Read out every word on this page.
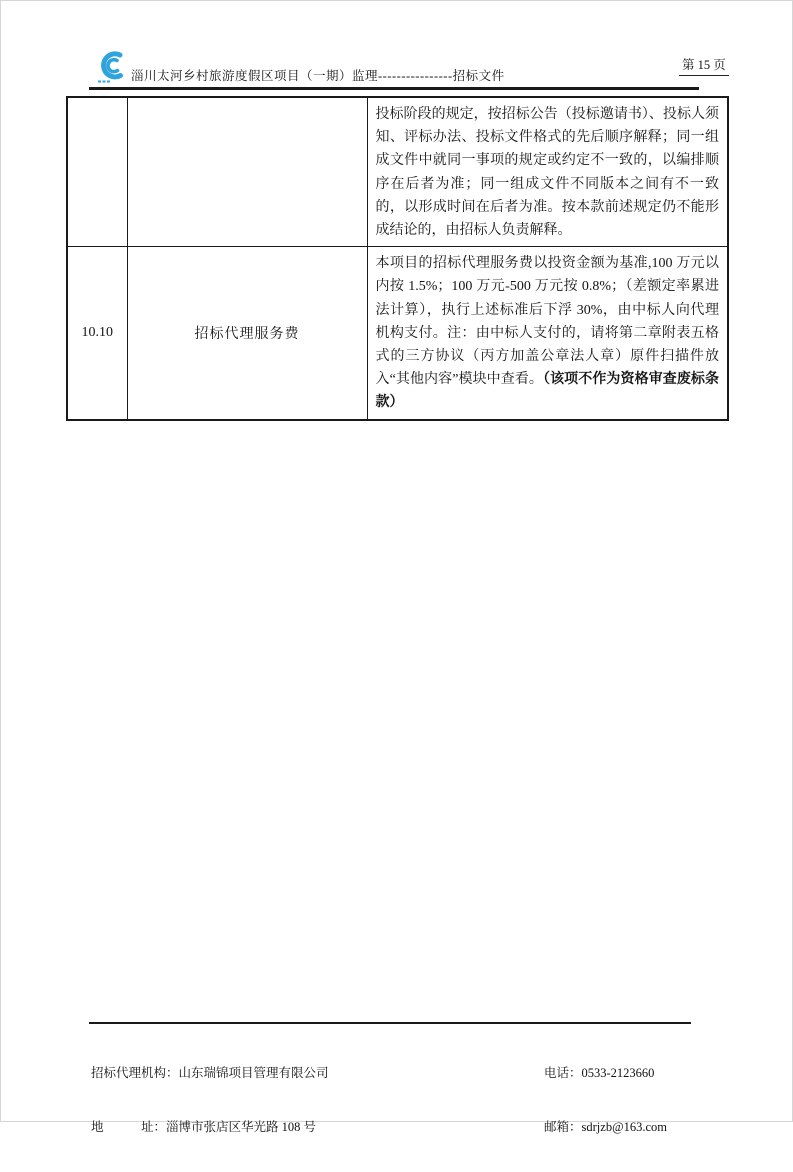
淄川太河乡村旅游度假区项目（一期）监理----------------招标文件
第 15 页
		投标阶段的规定，按招标公告（投标邀请书）、投标人须知、评标办法、投标文件格式的先后顺序解释；同一组成文件中就同一事项的规定或约定不一致的，以编排顺序在后者为准；同一组成文件不同版本之间有不一致的，以形成时间在后者为准。按本款前述规定仍不能形成结论的，由招标人负责解释。
10.10	招标代理服务费	本项目的招标代理服务费以投资金额为基准,100 万元以内按 1.5%；100 万元-500 万元按 0.8%；（差额定率累进法计算），执行上述标准后下浮 30%，由中标人向代理机构支付。注：由中标人支付的，请将第二章附表五格式的三方协议（丙方加盖公章法人章）原件扫描件放入“其他内容”模块中查看。（该项不作为资格审查废标条款）

招标代理机构：山东瑞锦项目管理有限公司

地　　　址：淄博市张店区华光路 108 号

电话：0533-2123660

邮箱：sdrjzb@163.com
